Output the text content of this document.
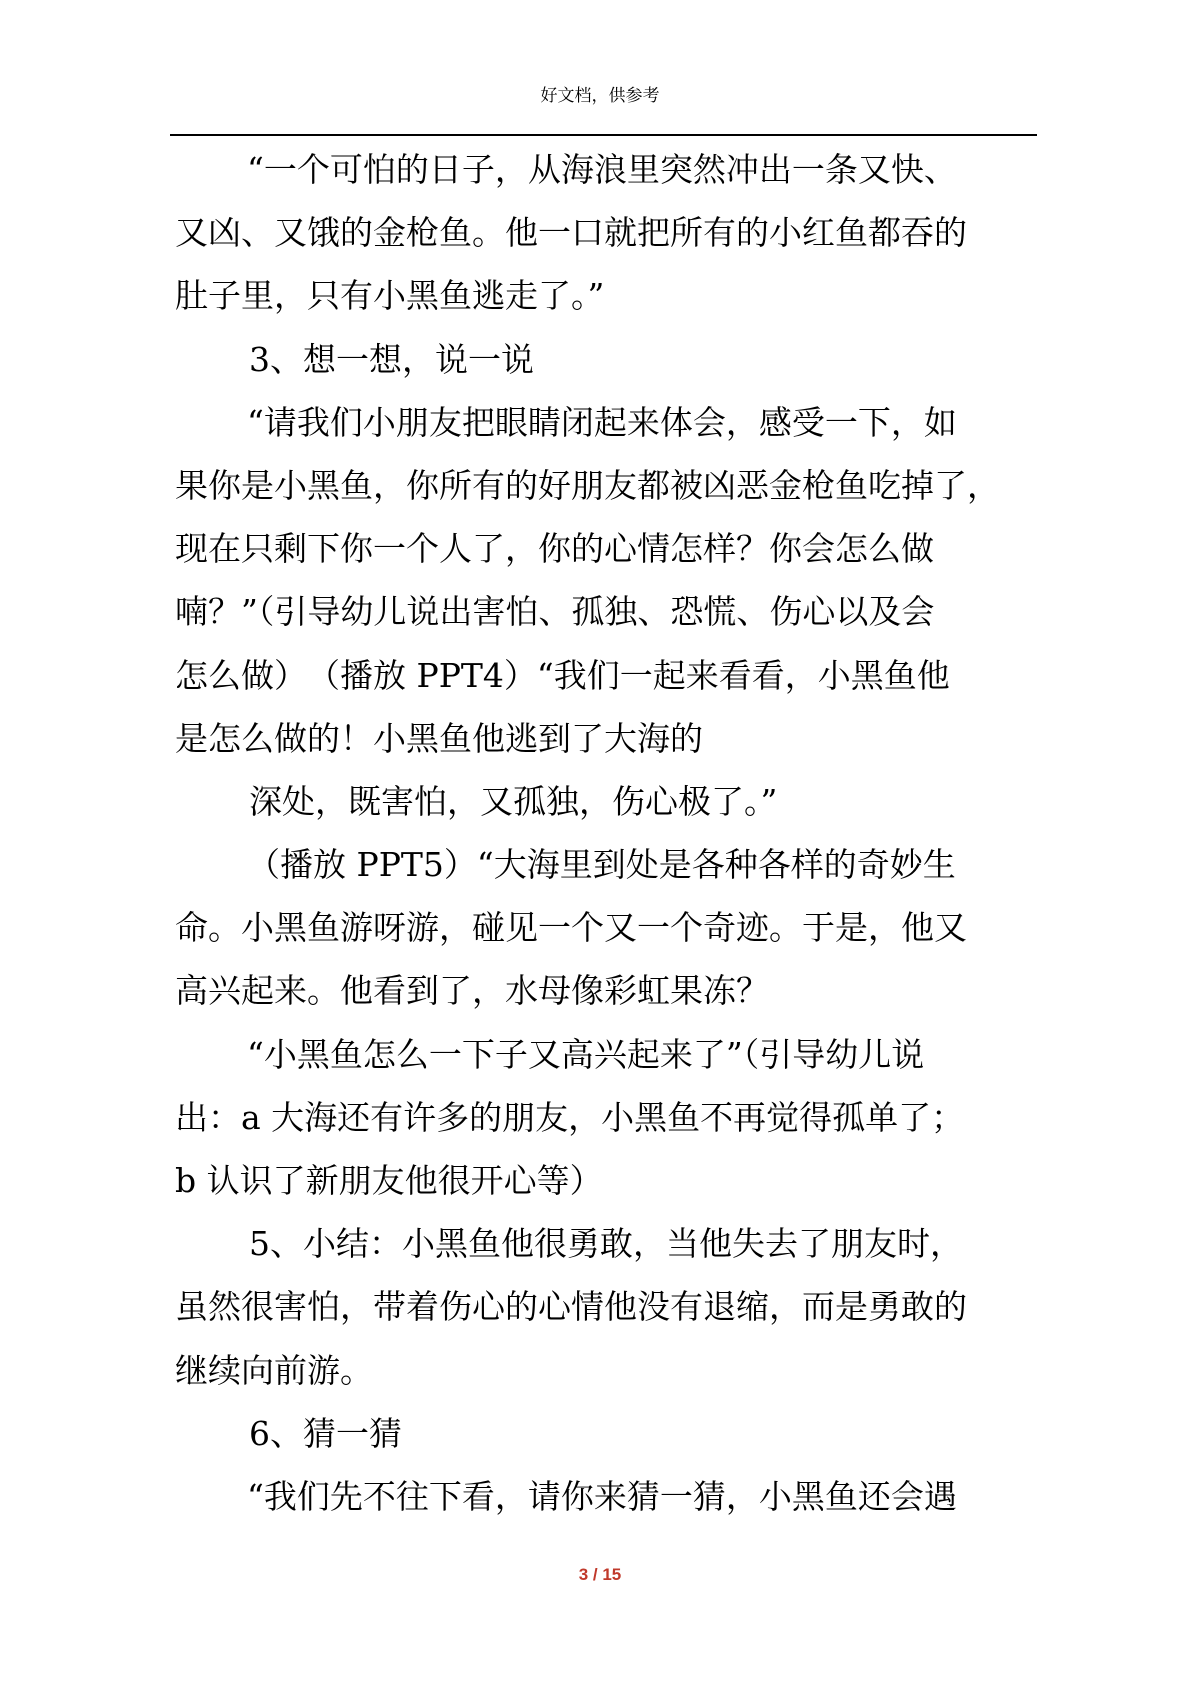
好文档，供参考
“一个可怕的日子，从海浪里突然冲出一条又快、
又凶、又饿的金枪鱼。他一口就把所有的小红鱼都吞的
肚子里，只有小黑鱼逃走了。”
3、想一想，说一说
“请我们小朋友把眼睛闭起来体会，感受一下，如
果你是小黑鱼，你所有的好朋友都被凶恶金枪鱼吃掉了，
现在只剩下你一个人了，你的心情怎样？你会怎么做
喃？”（引导幼儿说出害怕、孤独、恐慌、伤心以及会
怎么做）　（播放 PPT4）“我们一起来看看，小黑鱼他
是怎么做的！小黑鱼他逃到了大海的
深处，既害怕，又孤独，伤心极了。”
（播放 PPT5）“大海里到处是各种各样的奇妙生
命。小黑鱼游呀游，碰见一个又一个奇迹。于是，他又
高兴起来。他看到了，水母像彩虹果冻？
“小黑鱼怎么一下子又高兴起来了”（引导幼儿说
出：a 大海还有许多的朋友，小黑鱼不再觉得孤单了；
b 认识了新朋友他很开心等）
5、小结：小黑鱼他很勇敢，当他失去了朋友时，
虽然很害怕，带着伤心的心情他没有退缩，而是勇敢的
继续向前游。
6、猜一猜
“我们先不往下看，请你来猜一猜，小黑鱼还会遇
3 / 15
